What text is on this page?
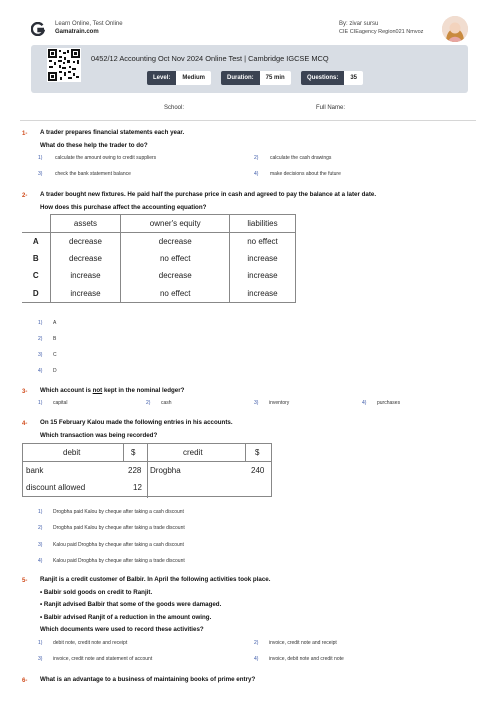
Learn Online, Test Online
Gamatrain.com
By: zivar sursu
CIE CIEagency Region021 Nmvoz
0452/12 Accounting Oct Nov 2024 Online Test | Cambridge IGCSE MCQ
Level:	Medium	Duration:	75 min	Questions:	35
School:	Full Name:
1- A trader prepares financial statements each year.
What do these help the trader to do?
1)	calculate the amount owing to credit suppliers	2) calculate the cash drawings
3)	check the bank statement balance	4) make decisions about the future
2- A trader bought new fixtures. He paid half the purchase price in cash and agreed to pay the balance at a later date.
How does this purchase affect the accounting equation?
	assets	owner's equity	liabilities
A	decrease	decrease	no effect
B	decrease	no effect	increase
C	increase	decrease	increase
D	increase	no effect	increase
1) A
2) B
3) C
4) D
3- Which account is not kept in the nominal ledger?
1) capital	2) cash	3) inventory	4) purchases
4- On 15 February Kalou made the following entries in his accounts.
Which transaction was being recorded?
debit	$	credit	$
bank	228 Drogbha	240
discount allowed	12
1) Drogbha paid Kalou by cheque after taking a cash discount
2) Drogbha paid Kalou by cheque after taking a trade discount
3) Kalou paid Drogbha by cheque after taking a cash discount
4) Kalou paid Drogbha by cheque after taking a trade discount
5- Ranjit is a credit customer of Balbir. In April the following activities took place.
• Balbir sold goods on credit to Ranjit.
• Ranjit advised Balbir that some of the goods were damaged.
• Balbir advised Ranjit of a reduction in the amount owing.
Which documents were used to record these activities?
1) debit note, credit note and receipt	2) invoice, credit note and receipt
3) invoice, credit note and statement of account	4) invoice, debit note and credit note
6- What is an advantage to a business of maintaining books of prime entry?
